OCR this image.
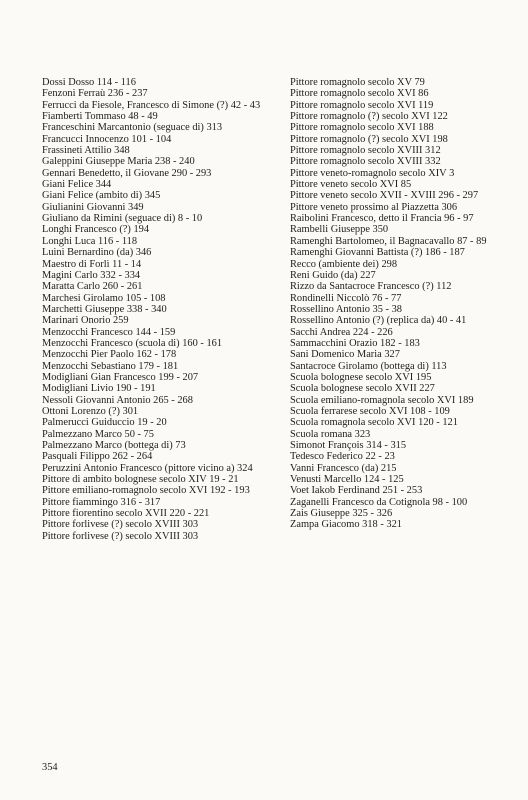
Dossi Dosso 114 - 116
Fenzoni Ferraù 236 - 237
Ferrucci da Fiesole, Francesco di Simone (?) 42 - 43
Fiamberti Tommaso 48 - 49
Franceschini Marcantonio (seguace di) 313
Francucci Innocenzo 101 - 104
Frassineti Attilio 348
Galeppini Giuseppe Maria 238 - 240
Gennari Benedetto, il Giovane 290 - 293
Giani Felice 344
Giani Felice (ambito di) 345
Giulianini Giovanni 349
Giuliano da Rimini (seguace di) 8 - 10
Longhi Francesco (?) 194
Longhi Luca 116 - 118
Luini Bernardino (da) 346
Maestro di Forlì 11 - 14
Magini Carlo 332 - 334
Maratta Carlo 260 - 261
Marchesi Girolamo 105 - 108
Marchetti Giuseppe 338 - 340
Marinari Onorio 259
Menzocchi Francesco 144 - 159
Menzocchi Francesco (scuola di) 160 - 161
Menzocchi Pier Paolo 162 - 178
Menzocchi Sebastiano 179 - 181
Modigliani Gian Francesco 199 - 207
Modigliani Livio 190 - 191
Nessoli Giovanni Antonio 265 - 268
Ottoni Lorenzo (?) 301
Palmerucci Guiduccio 19 - 20
Palmezzano Marco 50 - 75
Palmezzano Marco (bottega di) 73
Pasquali Filippo 262 - 264
Peruzzini Antonio Francesco (pittore vicino a) 324
Pittore di ambito bolognese secolo XIV 19 - 21
Pittore emiliano-romagnolo secolo XVI 192 - 193
Pittore fiammingo 316 - 317
Pittore fiorentino secolo XVII 220 - 221
Pittore forlivese (?) secolo XVIII 303
Pittore forlivese (?) secolo XVIII 303
Pittore romagnolo secolo XV 79
Pittore romagnolo secolo XVI 86
Pittore romagnolo secolo XVI 119
Pittore romagnolo (?) secolo XVI 122
Pittore romagnolo secolo XVI 188
Pittore romagnolo (?) secolo XVI 198
Pittore romagnolo secolo XVIII 312
Pittore romagnolo secolo XVIII 332
Pittore veneto-romagnolo secolo XIV 3
Pittore veneto secolo XVI 85
Pittore veneto secolo XVII - XVIII 296 - 297
Pittore veneto prossimo al Piazzetta 306
Raibolini Francesco, detto il Francia 96 - 97
Rambelli Giuseppe 350
Ramenghi Bartolomeo, il Bagnacavallo 87 - 89
Ramenghi Giovanni Battista (?) 186 - 187
Recco (ambiente dei) 298
Reni Guido (da) 227
Rizzo da Santacroce Francesco (?) 112
Rondinelli Niccolò 76 - 77
Rossellino Antonio 35 - 38
Rossellino Antonio (?) (replica da) 40 - 41
Sacchi Andrea 224 - 226
Sammacchini Orazio 182 - 183
Sani Domenico Maria 327
Santacroce Girolamo (bottega di) 113
Scuola bolognese secolo XVI 195
Scuola bolognese secolo XVII 227
Scuola emiliano-romagnola secolo XVI 189
Scuola ferrarese secolo XVI 108 - 109
Scuola romagnola secolo XVI 120 - 121
Scuola romana 323
Simonot François 314 - 315
Tedesco Federico 22 - 23
Vanni Francesco (da) 215
Venusti Marcello 124 - 125
Voet Iakob Ferdinand 251 - 253
Zaganelli Francesco da Cotignola 98 - 100
Zais Giuseppe 325 - 326
Zampa Giacomo 318 - 321
354
